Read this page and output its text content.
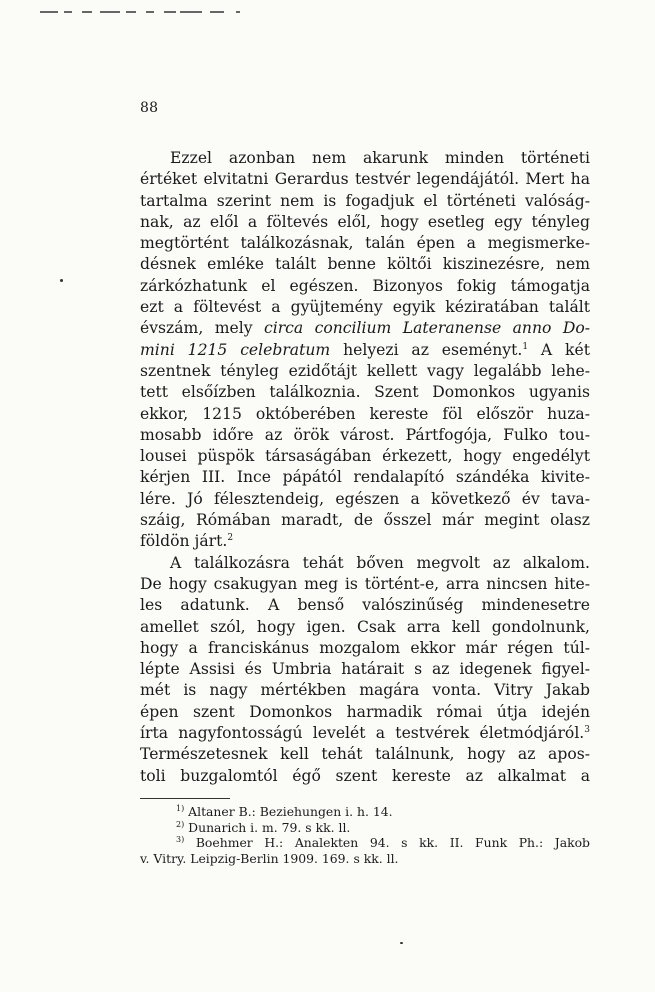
88
Ezzel azonban nem akarunk minden történeti
értéket elvitatni Gerardus testvér legendájától. Mert ha
tartalma szerint nem is fogadjuk el történeti valóság-
nak, az elől a föltevés elől, hogy esetleg egy tényleg
megtörtént találkozásnak, talán épen a megismerke-
désnek emléke talált benne költői kiszinezésre, nem
zárkózhatunk el egészen. Bizonyos fokig támogatja
ezt a föltevést a gyüjtemény egyik kéziratában talált
évszám, mely circa concilium Lateranense anno Do-
mini 1215 celebratum helyezi az eseményt.$^1$ A két
szentnek tényleg ezidőtájt kellett vagy legalább lehe-
tett elsőízben találkoznia. Szent Domonkos ugyanis
ekkor, 1215 októberében kereste föl először huza-
mosabb időre az örök várost. Pártfogója, Fulko tou-
lousei püspök társaságában érkezett, hogy engedélyt
kérjen III. Ince pápától rendalapító szándéka kivite-
lére. Jó félesztendeig, egészen a következő év tava-
száig, Rómában maradt, de ősszel már megint olasz
földön járt.$^2$
A találkozásra tehát bőven megvolt az alkalom.
De hogy csakugyan meg is történt-e, arra nincsen hite-
les adatunk. A benső valószinűség mindenesetre
amellet szól, hogy igen. Csak arra kell gondolnunk,
hogy a franciskánus mozgalom ekkor már régen túl-
lépte Assisi és Umbria határait s az idegenek figyel-
mét is nagy mértékben magára vonta. Vitry Jakab
épen szent Domonkos harmadik római útja idején
írta nagyfontosságú levelét a testvérek életmódjáról.$^3$
Természetesnek kell tehát találnunk, hogy az apos-
toli buzgalomtól égő szent kereste az alkalmat a
$^{1)}$ Altaner B.: Beziehungen i. h. 14.
$^{2)}$ Dunarich i. m. 79. s kk. ll.
$^{3)}$ Boehmer H.: Analekten 94. s kk. II. Funk Ph.: Jakob
v. Vitry. Leipzig-Berlin 1909. 169. s kk. ll.
